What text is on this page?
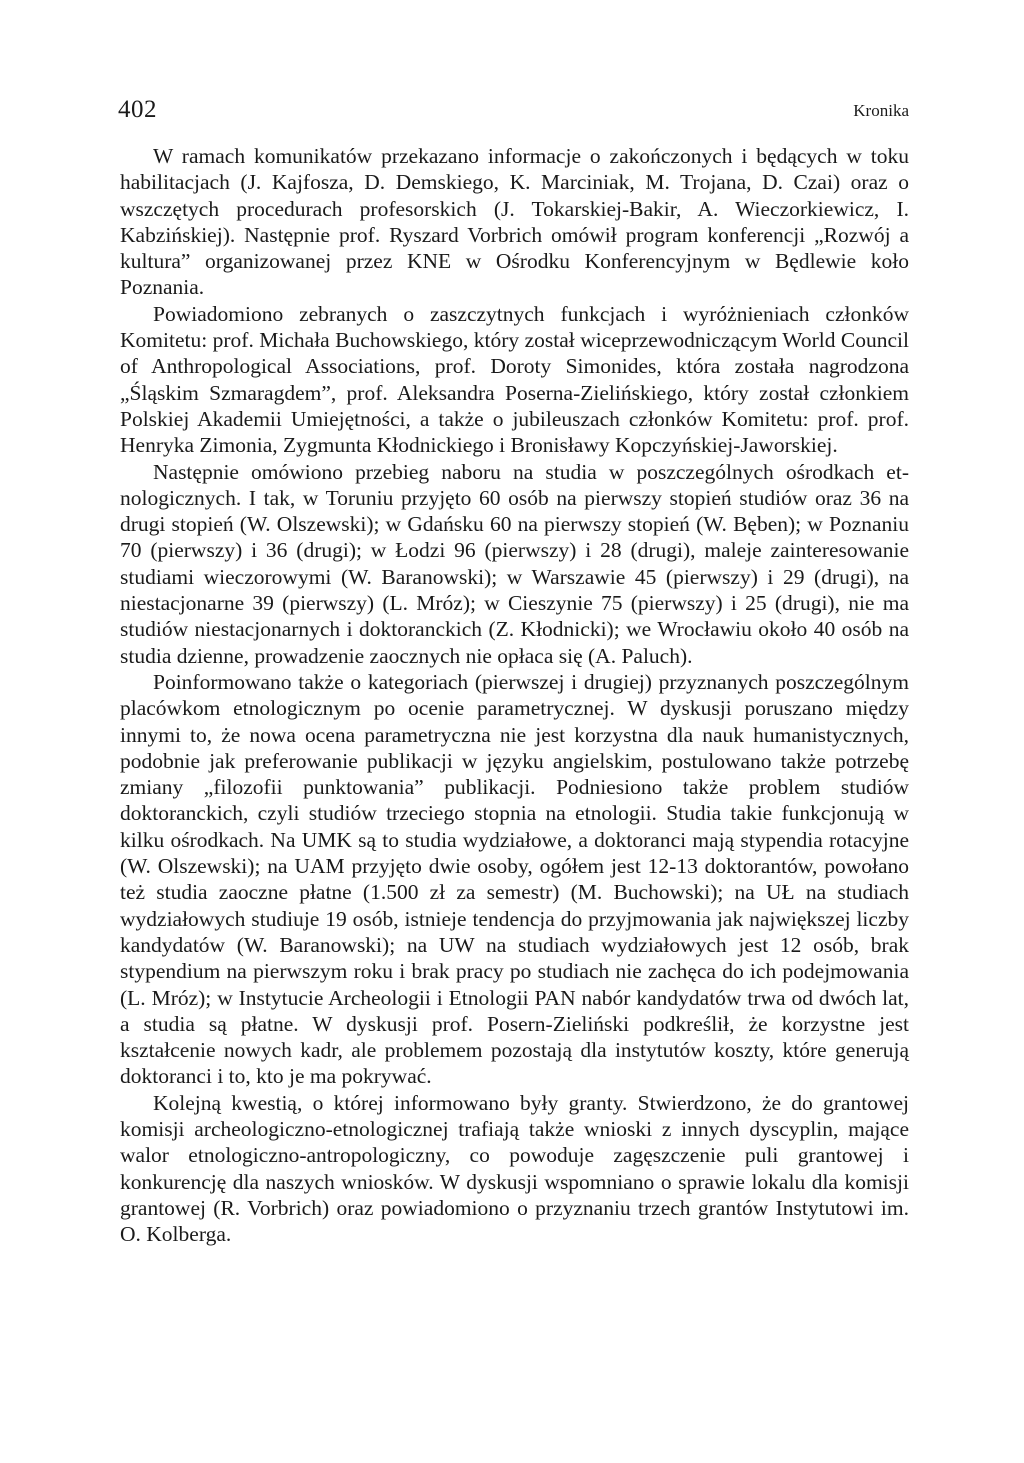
402	Kronika

W ramach komunikatów przekazano informacje o zakończonych i będących w toku habilitacjach (J. Kajfosza, D. Demskiego, K. Marciniak, M. Trojana, D. Czai) oraz o wszczętych procedurach profesorskich (J. Tokarskiej-Bakir, A. Wieczorkiewicz, I. Kabzińskiej). Następnie prof. Ryszard Vorbrich omówił program konferencji „Rozwój a kultura” organizowanej przez KNE w Ośrodku Konferencyjnym w Będlewie koło Poznania.

Powiadomiono zebranych o zaszczytnych funkcjach i wyróżnieniach członków Komitetu: prof. Michała Buchowskiego, który został wiceprzewodniczącym World Council of Anthropological Associations, prof. Doroty Simonides, która została nagrodzona „Śląskim Szmaragdem”, prof. Aleksandra Poserna-Zielińskiego, który został członkiem Polskiej Akademii Umiejętności, a także o jubileuszach członków Komitetu: prof. prof. Henryka Zimonia, Zygmunta Kłodnickiego i Bronisławy Kopczyńskiej-Jaworskiej.

Następnie omówiono przebieg naboru na studia w poszczególnych ośrodkach etnologicznych. I tak, w Toruniu przyjęto 60 osób na pierwszy stopień studiów oraz 36 na drugi stopień (W. Olszewski); w Gdańsku 60 na pierwszy stopień (W. Bęben); w Poznaniu 70 (pierwszy) i 36 (drugi); w Łodzi 96 (pierwszy) i 28 (drugi), maleje zainteresowanie studiami wieczorowymi (W. Baranowski); w Warszawie 45 (pierwszy) i 29 (drugi), na niestacjonarne 39 (pierwszy) (L. Mróz); w Cieszynie 75 (pierwszy) i 25 (drugi), nie ma studiów niestacjonarnych i doktoranckich (Z. Kłodnicki); we Wrocławiu około 40 osób na studia dzienne, prowadzenie zaocznych nie opłaca się (A. Paluch).

Poinformowano także o kategoriach (pierwszej i drugiej) przyznanych poszczególnym placówkom etnologicznym po ocenie parametrycznej. W dyskusji poruszano między innymi to, że nowa ocena parametryczna nie jest korzystna dla nauk humanistycznych, podobnie jak preferowanie publikacji w języku angielskim, postulowano także potrzebę zmiany „filozofii punktowania” publikacji. Podniesiono także problem studiów doktoranckich, czyli studiów trzeciego stopnia na etnologii. Studia takie funkcjonują w kilku ośrodkach. Na UMK są to studia wydziałowe, a doktoranci mają stypendia rotacyjne (W. Olszewski); na UAM przyjęto dwie osoby, ogółem jest 12-13 doktorantów, powołano też studia zaoczne płatne (1.500 zł za semestr) (M. Buchowski); na UŁ na studiach wydziałowych studiuje 19 osób, istnieje tendencja do przyjmowania jak największej liczby kandydatów (W. Baranowski); na UW na studiach wydziałowych jest 12 osób, brak stypendium na pierwszym roku i brak pracy po studiach nie zachęca do ich podejmowania (L. Mróz); w Instytucie Archeologii i Etnologii PAN nabór kandydatów trwa od dwóch lat, a studia są płatne. W dyskusji prof. Posern-Zieliński podkreślił, że korzystne jest kształcenie nowych kadr, ale problemem pozostają dla instytutów koszty, które generują doktoranci i to, kto je ma pokrywać.

Kolejną kwestią, o której informowano były granty. Stwierdzono, że do grantowej komisji archeologiczno-etnologicznej trafiają także wnioski z innych dyscyplin, mające walor etnologiczno-antropologiczny, co powoduje zagęszczenie puli grantowej i konkurencję dla naszych wniosków. W dyskusji wspomniano o sprawie lokalu dla komisji grantowej (R. Vorbrich) oraz powiadomiono o przyznaniu trzech grantów Instytutowi im. O. Kolberga.
